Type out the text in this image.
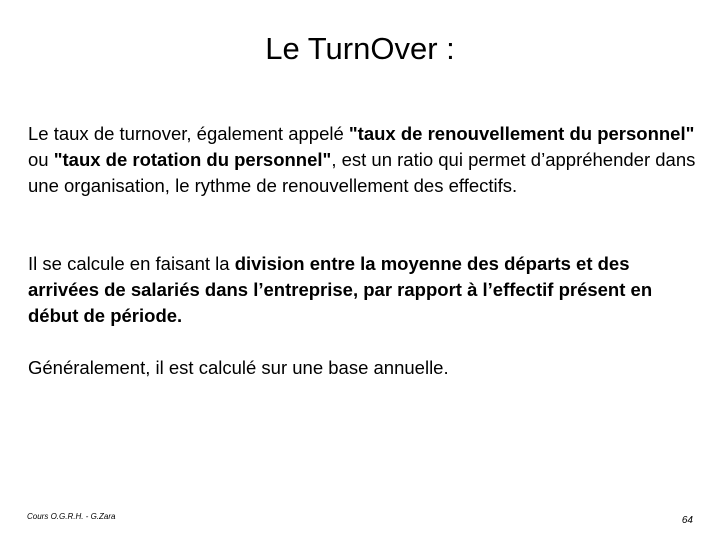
Le TurnOver :

Le taux de turnover, également appelé "taux de renouvellement du personnel" ou "taux de rotation du personnel", est un ratio qui permet d’appréhender dans une organisation, le rythme de renouvellement des effectifs.

Il se calcule en faisant la division entre la moyenne des départs et des arrivées de salariés dans l’entreprise, par rapport à l’effectif présent en début de période.

Généralement, il est calculé sur une base annuelle.

Cours O.G.R.H. - G.Zara	64
